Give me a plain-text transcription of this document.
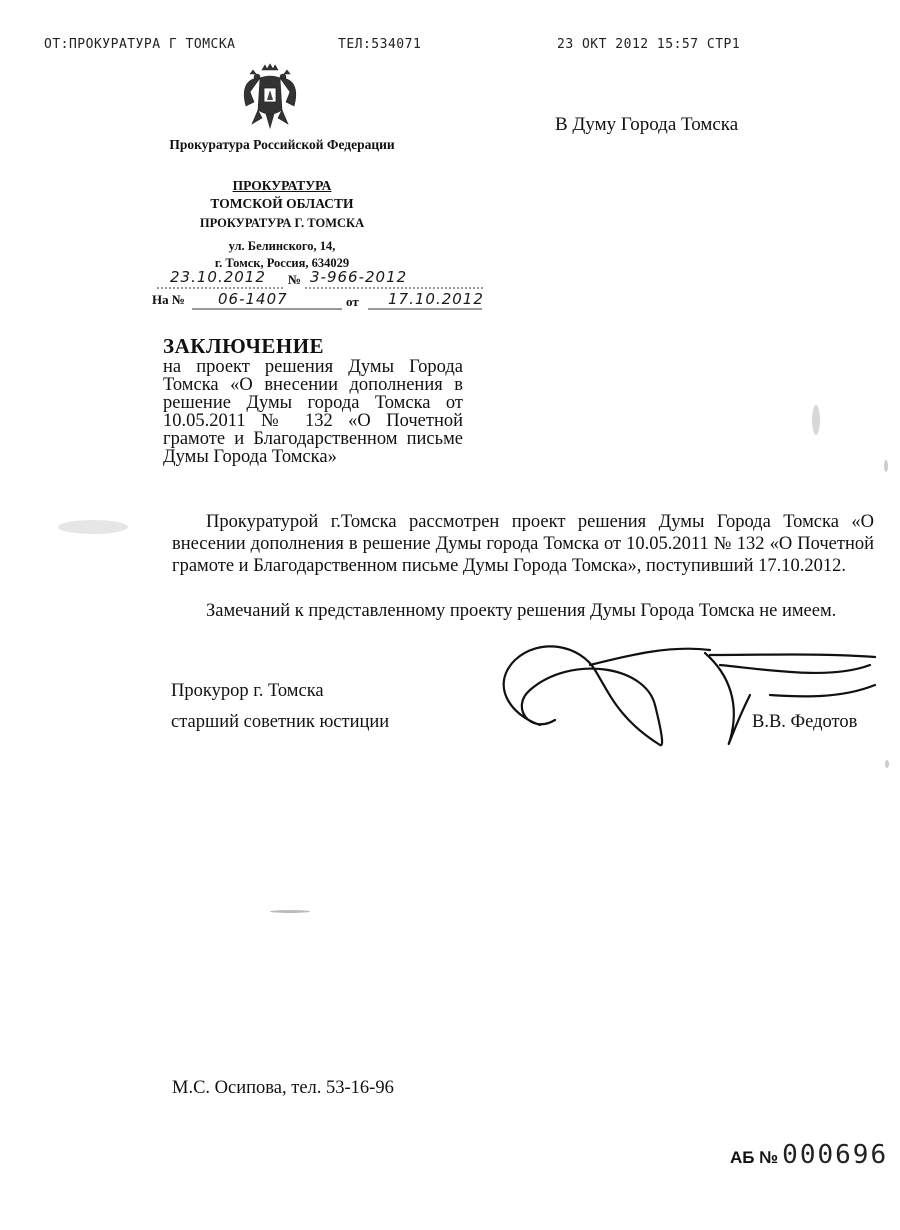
ОТ:ПРОКУРАТУРА Г ТОМСКА	ТЕЛ:534071	23 ОКТ 2012 15:57 СТР1
Прокуратура Российской Федерации
ПРОКУРАТУРА
ТОМСКОЙ ОБЛАСТИ
ПРОКУРАТУРА Г. ТОМСКА
ул. Белинского, 14,
г. Томск, Россия, 634029
23.10.2012 № 3-966-2012
На № 06-1407	от 17.10.2012
В Думу Города Томска
ЗАКЛЮЧЕНИЕ
на проект решения Думы Города Томска «О внесении дополнения в решение Думы города Томска от 10.05.2011 № 132 «О Почетной грамоте и Благодарственном письме Думы Города Томска»
Прокуратурой г.Томска рассмотрен проект решения Думы Города Томска «О внесении дополнения в решение Думы города Томска от 10.05.2011 № 132 «О Почетной грамоте и Благодарственном письме Думы Города Томска», поступивший 17.10.2012.
Замечаний к представленному проекту решения Думы Города Томска не имеем.
Прокурор г. Томска
старший советник юстиции	В.В. Федотов
М.С. Осипова, тел. 53-16-96
АБ № 000696
